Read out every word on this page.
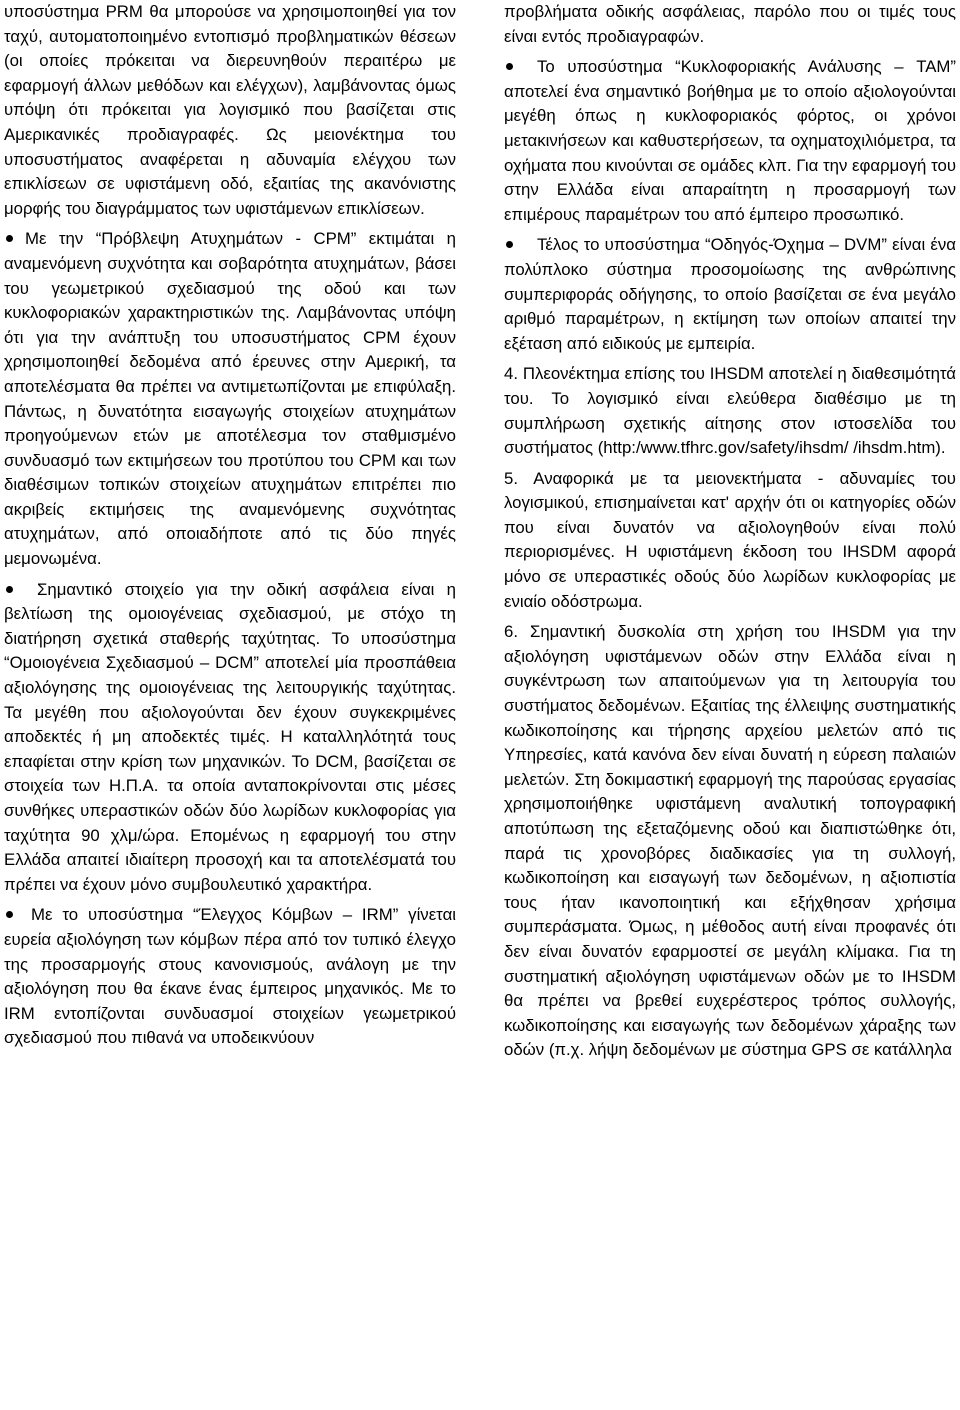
υποσύστημα PRM θα μπορούσε να χρησιμοποιηθεί για τον ταχύ, αυτοματοποιημένο εντοπισμό προβληματικών θέσεων (οι οποίες πρόκειται να διερευνηθούν περαιτέρω με εφαρμογή άλλων μεθόδων και ελέγχων), λαμβάνοντας όμως υπόψη ότι πρόκειται για λογισμικό που βασίζεται στις Αμερικανικές προδιαγραφές. Ως μειονέκτημα του υποσυστήματος αναφέρεται η αδυναμία ελέγχου των επικλίσεων σε υφιστάμενη οδό, εξαιτίας της ακανόνιστης μορφής του διαγράμματος των υφιστάμενων επικλίσεων.

Με την “Πρόβλεψη Ατυχημάτων - CPM” εκτιμάται η αναμενόμενη συχνότητα και σοβαρότητα ατυχημάτων, βάσει του γεωμετρικού σχεδιασμού της οδού και των κυκλοφοριακών χαρακτηριστικών της. Λαμβάνοντας υπόψη ότι για την ανάπτυξη του υποσυστήματος CPM έχουν χρησιμοποιηθεί δεδομένα από έρευνες στην Αμερική, τα αποτελέσματα θα πρέπει να αντιμετωπίζονται με επιφύλαξη. Πάντως, η δυνατότητα εισαγωγής στοιχείων ατυχημάτων προηγούμενων ετών με αποτέλεσμα τον σταθμισμένο συνδυασμό των εκτιμήσεων του προτύπου του CPM και των διαθέσιμων τοπικών στοιχείων ατυχημάτων επιτρέπει πιο ακριβείς εκτιμήσεις της αναμενόμενης συχνότητας ατυχημάτων, από οποιαδήποτε από τις δύο πηγές μεμονωμένα.

Σημαντικό στοιχείο για την οδική ασφάλεια είναι η βελτίωση της ομοιογένειας σχεδιασμού, με στόχο τη διατήρηση σχετικά σταθερής ταχύτητας. Το υποσύστημα “Ομοιογένεια Σχεδιασμού – DCM” αποτελεί μία προσπάθεια αξιολόγησης της ομοιογένειας της λειτουργικής ταχύτητας. Τα μεγέθη που αξιολογούνται δεν έχουν συγκεκριμένες αποδεκτές ή μη αποδεκτές τιμές. Η καταλληλότητά τους επαφίεται στην κρίση των μηχανικών. Το DCM, βασίζεται σε στοιχεία των Η.Π.Α. τα οποία ανταποκρίνονται στις μέσες συνθήκες υπεραστικών οδών δύο λωρίδων κυκλοφορίας για ταχύτητα 90 χλμ/ώρα. Επομένως η εφαρμογή του στην Ελλάδα απαιτεί ιδιαίτερη προσοχή και τα αποτελέσματά του πρέπει να έχουν μόνο συμβουλευτικό χαρακτήρα.

Με το υποσύστημα “Έλεγχος Κόμβων – IRM” γίνεται ευρεία αξιολόγηση των κόμβων πέρα από τον τυπικό έλεγχο της προσαρμογής στους κανονισμούς, ανάλογη με την αξιολόγηση που θα έκανε ένας έμπειρος μηχανικός. Με το IRM εντοπίζονται συνδυασμοί στοιχείων γεωμετρικού σχεδιασμού που πιθανά να υποδεικνύουν

προβλήματα οδικής ασφάλειας, παρόλο που οι τιμές τους είναι εντός προδιαγραφών.

Το υποσύστημα “Κυκλοφοριακής Ανάλυσης – TAM” αποτελεί ένα σημαντικό βοήθημα με το οποίο αξιολογούνται μεγέθη όπως η κυκλοφοριακός φόρτος, οι χρόνοι μετακινήσεων και καθυστερήσεων, τα οχηματοχιλιόμετρα, τα οχήματα που κινούνται σε ομάδες κλπ. Για την εφαρμογή του στην Ελλάδα είναι απαραίτητη η προσαρμογή των επιμέρους παραμέτρων του από έμπειρο προσωπικό.

Τέλος το υποσύστημα “Οδηγός-Όχημα – DVM” είναι ένα πολύπλοκο σύστημα προσομοίωσης της ανθρώπινης συμπεριφοράς οδήγησης, το οποίο βασίζεται σε ένα μεγάλο αριθμό παραμέτρων, η εκτίμηση των οποίων απαιτεί την εξέταση από ειδικούς με εμπειρία.

4. Πλεονέκτημα επίσης του IHSDM αποτελεί η διαθεσιμότητά του. Το λογισμικό είναι ελεύθερα διαθέσιμο με τη συμπλήρωση σχετικής αίτησης στον ιστοσελίδα του συστήματος (http:/www.tfhrc.gov/safety/ihsdm/ /ihsdm.htm).

5. Αναφορικά με τα μειονεκτήματα - αδυναμίες του λογισμικού, επισημαίνεται κατ' αρχήν ότι οι κατηγορίες οδών που είναι δυνατόν να αξιολογηθούν είναι πολύ περιορισμένες. Η υφιστάμενη έκδοση του IHSDM αφορά μόνο σε υπεραστικές οδούς δύο λωρίδων κυκλοφορίας με ενιαίο οδόστρωμα.

6. Σημαντική δυσκολία στη χρήση του IHSDM για την αξιολόγηση υφιστάμενων οδών στην Ελλάδα είναι η συγκέντρωση των απαιτούμενων για τη λειτουργία του συστήματος δεδομένων. Εξαιτίας της έλλειψης συστηματικής κωδικοποίησης και τήρησης αρχείου μελετών από τις Υπηρεσίες, κατά κανόνα δεν είναι δυνατή η εύρεση παλαιών μελετών. Στη δοκιμαστική εφαρμογή της παρούσας εργασίας χρησιμοποιήθηκε υφιστάμενη αναλυτική τοπογραφική αποτύπωση της εξεταζόμενης οδού και διαπιστώθηκε ότι, παρά τις χρονοβόρες διαδικασίες για τη συλλογή, κωδικοποίηση και εισαγωγή των δεδομένων, η αξιοπιστία τους ήταν ικανοποιητική και εξήχθησαν χρήσιμα συμπεράσματα. Όμως, η μέθοδος αυτή είναι προφανές ότι δεν είναι δυνατόν εφαρμοστεί σε μεγάλη κλίμακα. Για τη συστηματική αξιολόγηση υφιστάμενων οδών με το IHSDM θα πρέπει να βρεθεί ευχερέστερος τρόπος συλλογής, κωδικοποίησης και εισαγωγής των δεδομένων χάραξης των οδών (π.χ. λήψη δεδομένων με σύστημα GPS σε κατάλληλα
